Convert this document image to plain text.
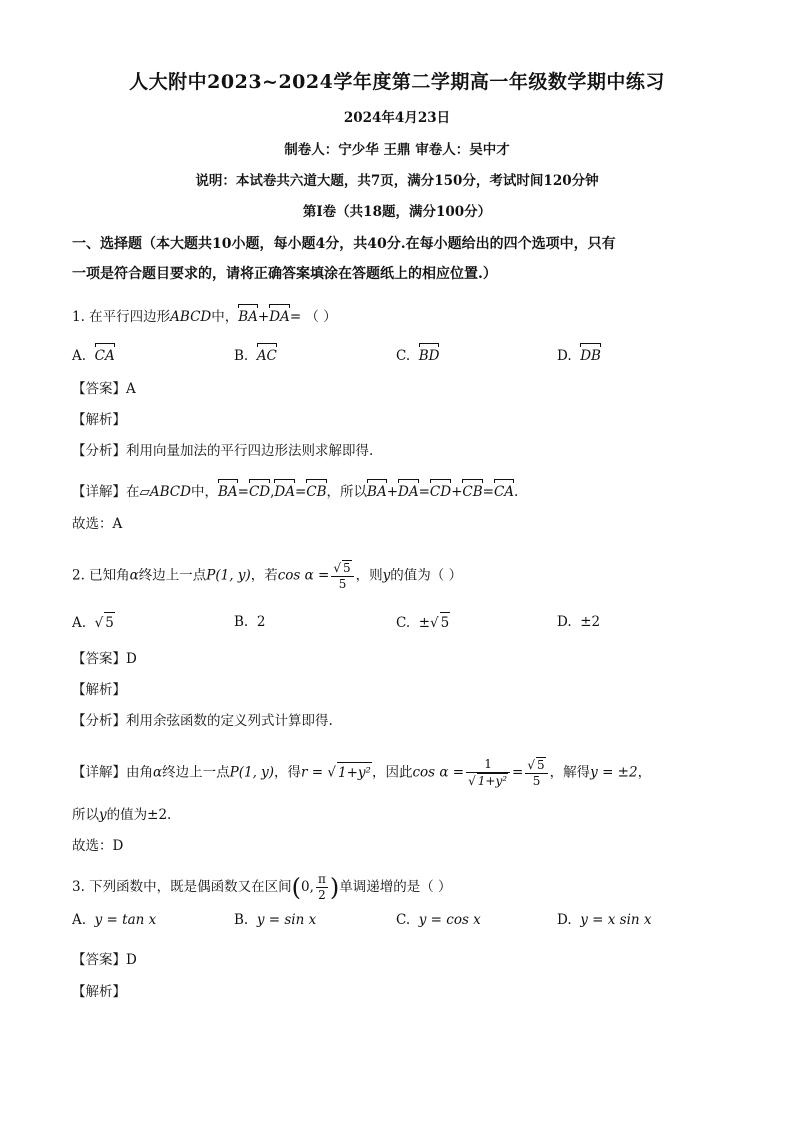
人大附中2023~2024学年度第二学期高一年级数学期中练习
2024年4月23日
制卷人：宁少华 王鼎 审卷人：吴中才
说明：本试卷共六道大题，共7页，满分150分，考试时间120分钟
第Ⅰ卷（共18题，满分100分）
一、选择题（本大题共10小题，每小题4分，共40分.在每小题给出的四个选项中，只有
一项是符合题目要求的，请将正确答案填涂在答题纸上的相应位置.）
1. 在平行四边形ABCD中，BA+DA= （ ）
A. CA	B. AC	C. BD	D. DB
【答案】A
【解析】
【分析】利用向量加法的平行四边形法则求解即得.
【详解】在▱ABCD中，BA=CD,DA=CB，所以BA+DA=CD+CB=CA.
故选：A
2. 已知角α终边上一点P(1, y)，若$\cos \alpha = \frac{√ 5}{5}$ ，则y的值为（ ）
A.  √ 5	B. 2	C.  ±√ 5	D. ±2
【答案】D
【解析】
【分析】利用余弦函数的定义列式计算即得.
【详解】由角α终边上一点P(1, y)，得r = √ 1+y²，因此$\cos \alpha = \frac{1}{\text{√ 1+y²}} = \frac{√ 5}{5}$ ，解得y = ±2，
所以y的值为±2.
故选：D
3. 下列函数中，既是偶函数又在区间(0, $\frac{\pi}{2}$ )单调递增的是（ ）
A. y = tan x	B. y = sin x	C. y = cos x	D. y = x sin x
【答案】D
【解析】
